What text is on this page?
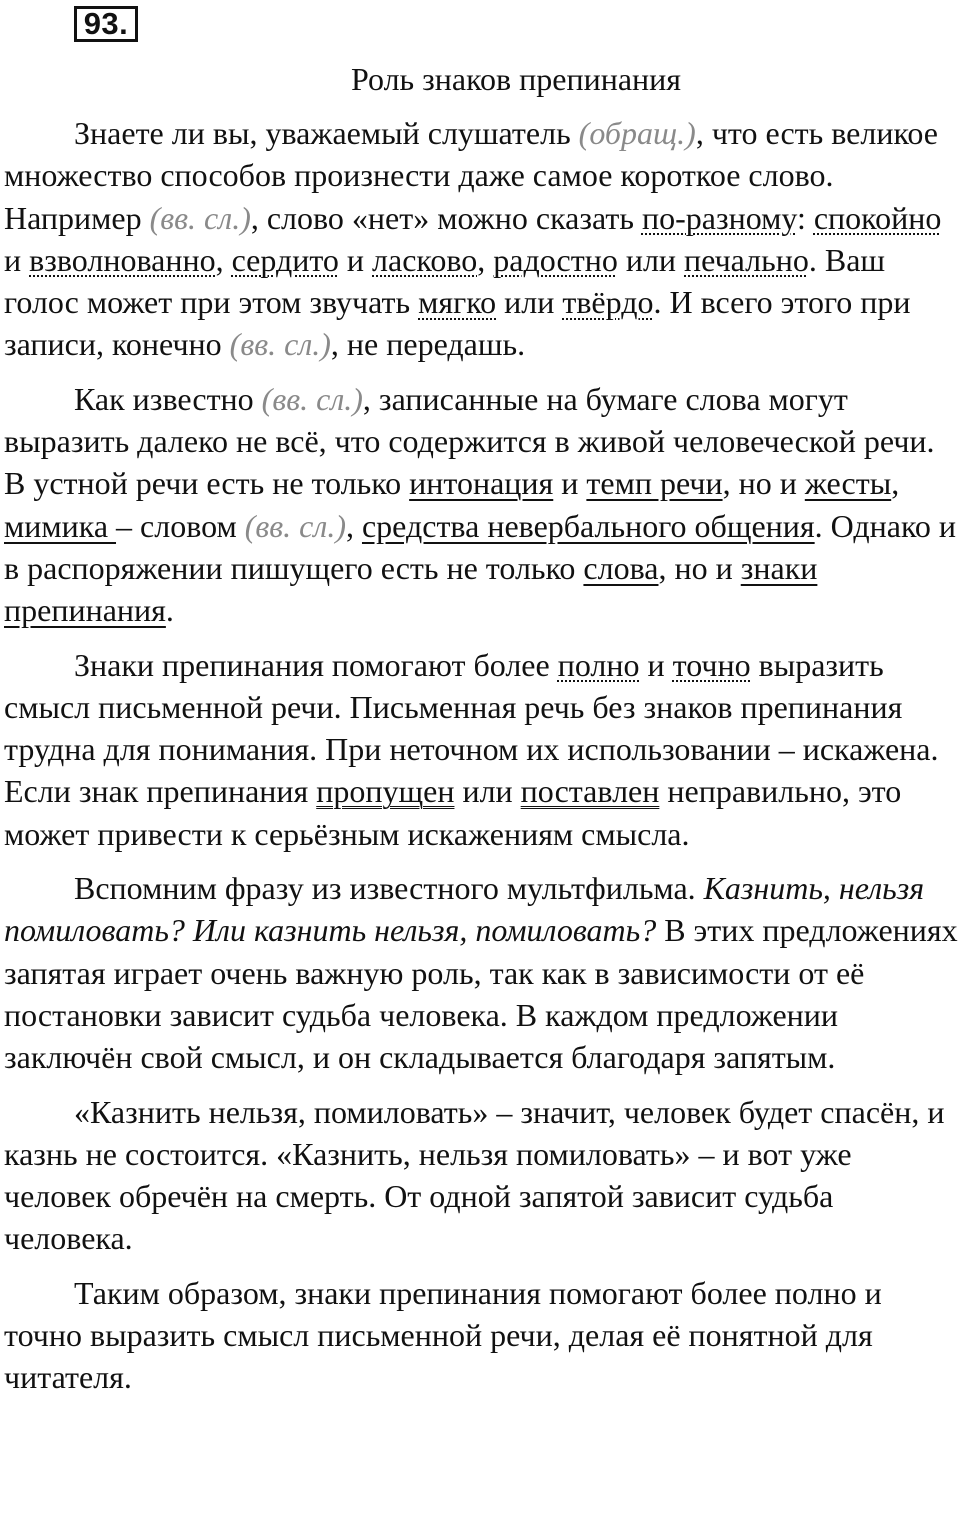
93.
Роль знаков препинания

Знаете ли вы, уважаемый слушатель (обращ.), что есть великое множество способов произнести даже самое короткое слово. Например (вв. сл.), слово «нет» можно сказать по-разному: спокойно и взволнованно, сердито и ласково, радостно или печально. Ваш голос может при этом звучать мягко или твёрдо. И всего этого при записи, конечно (вв. сл.), не передашь.

Как известно (вв. сл.), записанные на бумаге слова могут выразить далеко не всё, что содержится в живой человеческой речи. В устной речи есть не только интонация и темп речи, но и жесты, мимика – словом (вв. сл.), средства невербального общения. Однако и в распоряжении пишущего есть не только слова, но и знаки препинания.

Знаки препинания помогают более полно и точно выразить смысл письменной речи. Письменная речь без знаков препинания трудна для понимания. При неточном их использовании – искажена. Если знак препинания пропущен или поставлен неправильно, это может привести к серьёзным искажениям смысла.

Вспомним фразу из известного мультфильма. Казнить, нельзя помиловать? Или казнить нельзя, помиловать? В этих предложениях запятая играет очень важную роль, так как в зависимости от её постановки зависит судьба человека. В каждом предложении заключён свой смысл, и он складывается благодаря запятым.

«Казнить нельзя, помиловать» – значит, человек будет спасён, и казнь не состоится. «Казнить, нельзя помиловать» – и вот уже человек обречён на смерть. От одной запятой зависит судьба человека.

Таким образом, знаки препинания помогают более полно и точно выразить смысл письменной речи, делая её понятной для читателя.
